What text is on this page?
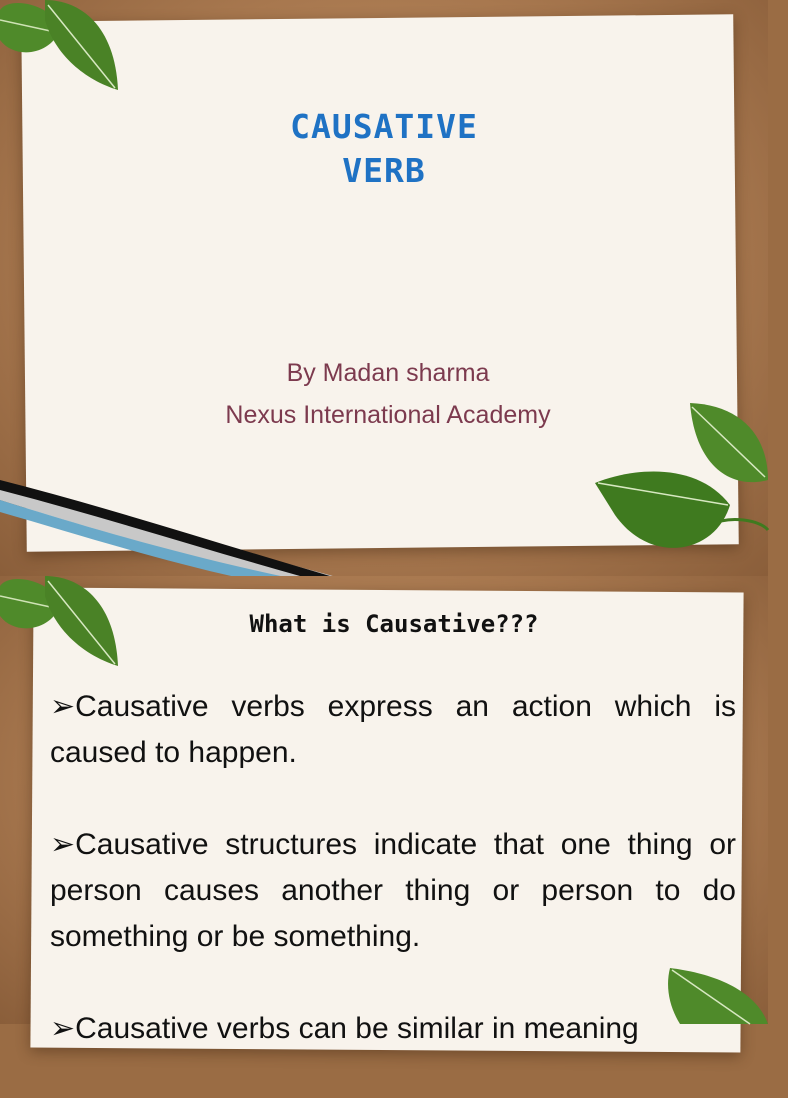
CAUSATIVE
VERB
By Madan sharma
Nexus International Academy
What is Causative???
➢Causative verbs express an action which is caused to happen.
➢Causative structures indicate that one thing or person causes another thing or person to do something or be something.
➢Causative verbs can be similar in meaning
